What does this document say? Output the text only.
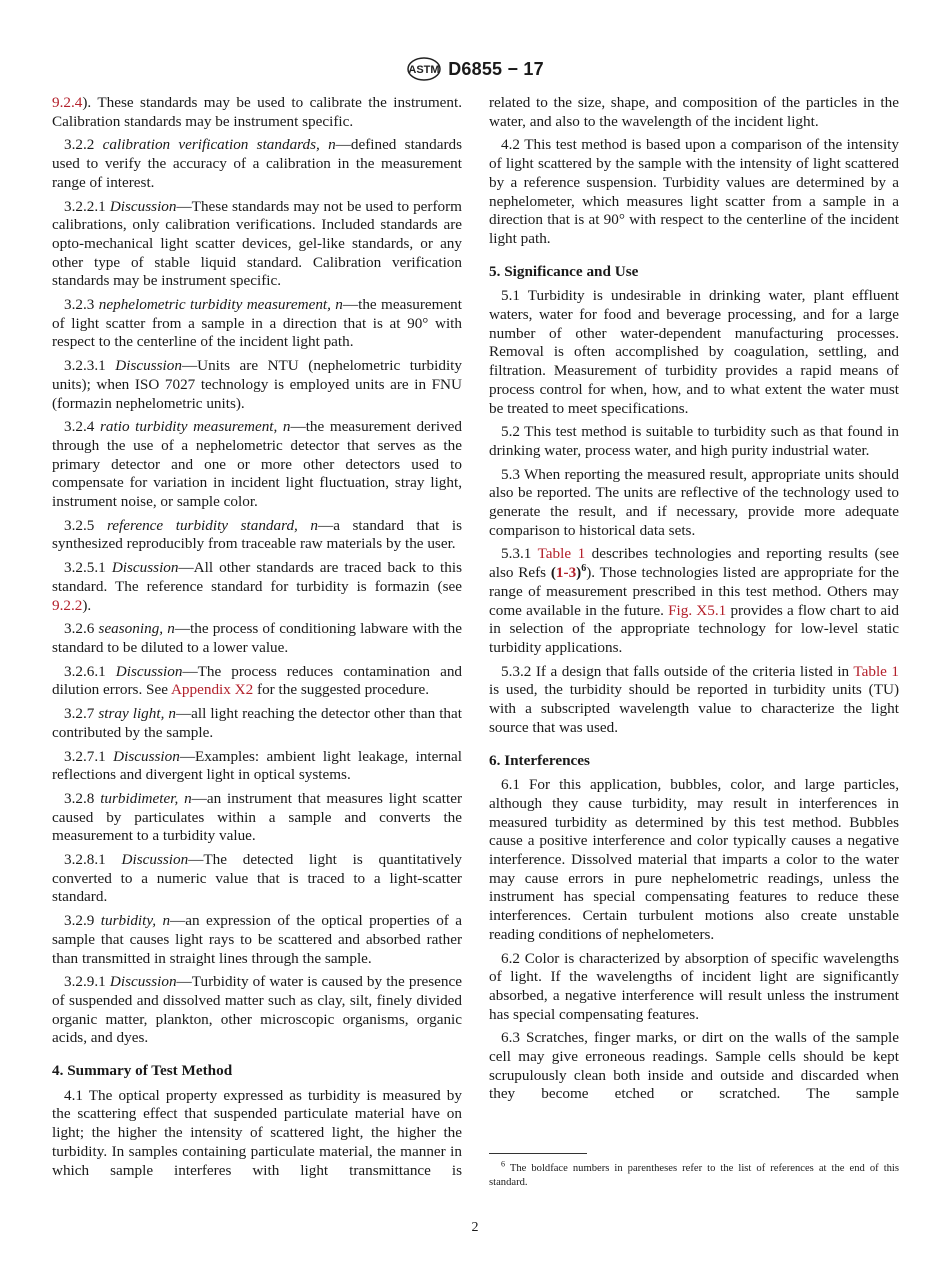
ASTM D6855 − 17
9.2.4). These standards may be used to calibrate the instrument. Calibration standards may be instrument specific.
3.2.2 calibration verification standards, n—defined standards used to verify the accuracy of a calibration in the measurement range of interest.
3.2.2.1 Discussion—These standards may not be used to perform calibrations, only calibration verifications. Included standards are opto-mechanical light scatter devices, gel-like standards, or any other type of stable liquid standard. Calibration verification standards may be instrument specific.
3.2.3 nephelometric turbidity measurement, n—the measurement of light scatter from a sample in a direction that is at 90° with respect to the centerline of the incident light path.
3.2.3.1 Discussion—Units are NTU (nephelometric turbidity units); when ISO 7027 technology is employed units are in FNU (formazin nephelometric units).
3.2.4 ratio turbidity measurement, n—the measurement derived through the use of a nephelometric detector that serves as the primary detector and one or more other detectors used to compensate for variation in incident light fluctuation, stray light, instrument noise, or sample color.
3.2.5 reference turbidity standard, n—a standard that is synthesized reproducibly from traceable raw materials by the user.
3.2.5.1 Discussion—All other standards are traced back to this standard. The reference standard for turbidity is formazin (see 9.2.2).
3.2.6 seasoning, n—the process of conditioning labware with the standard to be diluted to a lower value.
3.2.6.1 Discussion—The process reduces contamination and dilution errors. See Appendix X2 for the suggested procedure.
3.2.7 stray light, n—all light reaching the detector other than that contributed by the sample.
3.2.7.1 Discussion—Examples: ambient light leakage, internal reflections and divergent light in optical systems.
3.2.8 turbidimeter, n—an instrument that measures light scatter caused by particulates within a sample and converts the measurement to a turbidity value.
3.2.8.1 Discussion—The detected light is quantitatively converted to a numeric value that is traced to a light-scatter standard.
3.2.9 turbidity, n—an expression of the optical properties of a sample that causes light rays to be scattered and absorbed rather than transmitted in straight lines through the sample.
3.2.9.1 Discussion—Turbidity of water is caused by the presence of suspended and dissolved matter such as clay, silt, finely divided organic matter, plankton, other microscopic organisms, organic acids, and dyes.
4. Summary of Test Method
4.1 The optical property expressed as turbidity is measured by the scattering effect that suspended particulate material have on light; the higher the intensity of scattered light, the higher the turbidity. In samples containing particulate material, the manner in which sample interferes with light transmittance is
related to the size, shape, and composition of the particles in the water, and also to the wavelength of the incident light.
4.2 This test method is based upon a comparison of the intensity of light scattered by the sample with the intensity of light scattered by a reference suspension. Turbidity values are determined by a nephelometer, which measures light scatter from a sample in a direction that is at 90° with respect to the centerline of the incident light path.
5. Significance and Use
5.1 Turbidity is undesirable in drinking water, plant effluent waters, water for food and beverage processing, and for a large number of other water-dependent manufacturing processes. Removal is often accomplished by coagulation, settling, and filtration. Measurement of turbidity provides a rapid means of process control for when, how, and to what extent the water must be treated to meet specifications.
5.2 This test method is suitable to turbidity such as that found in drinking water, process water, and high purity industrial water.
5.3 When reporting the measured result, appropriate units should also be reported. The units are reflective of the technology used to generate the result, and if necessary, provide more adequate comparison to historical data sets.
5.3.1 Table 1 describes technologies and reporting results (see also Refs $(1-3)^6$). Those technologies listed are appropriate for the range of measurement prescribed in this test method. Others may come available in the future. Fig. X5.1 provides a flow chart to aid in selection of the appropriate technology for low-level static turbidity applications.
5.3.2 If a design that falls outside of the criteria listed in Table 1 is used, the turbidity should be reported in turbidity units (TU) with a subscripted wavelength value to characterize the light source that was used.
6. Interferences
6.1 For this application, bubbles, color, and large particles, although they cause turbidity, may result in interferences in measured turbidity as determined by this test method. Bubbles cause a positive interference and color typically causes a negative interference. Dissolved material that imparts a color to the water may cause errors in pure nephelometric readings, unless the instrument has special compensating features to reduce these interferences. Certain turbulent motions also create unstable reading conditions of nephelometers.
6.2 Color is characterized by absorption of specific wavelengths of light. If the wavelengths of incident light are significantly absorbed, a negative interference will result unless the instrument has special compensating features.
6.3 Scratches, finger marks, or dirt on the walls of the sample cell may give erroneous readings. Sample cells should be kept scrupulously clean both inside and outside and discarded when they become etched or scratched. The sample
$^6$ The boldface numbers in parentheses refer to the list of references at the end of this standard.
2
